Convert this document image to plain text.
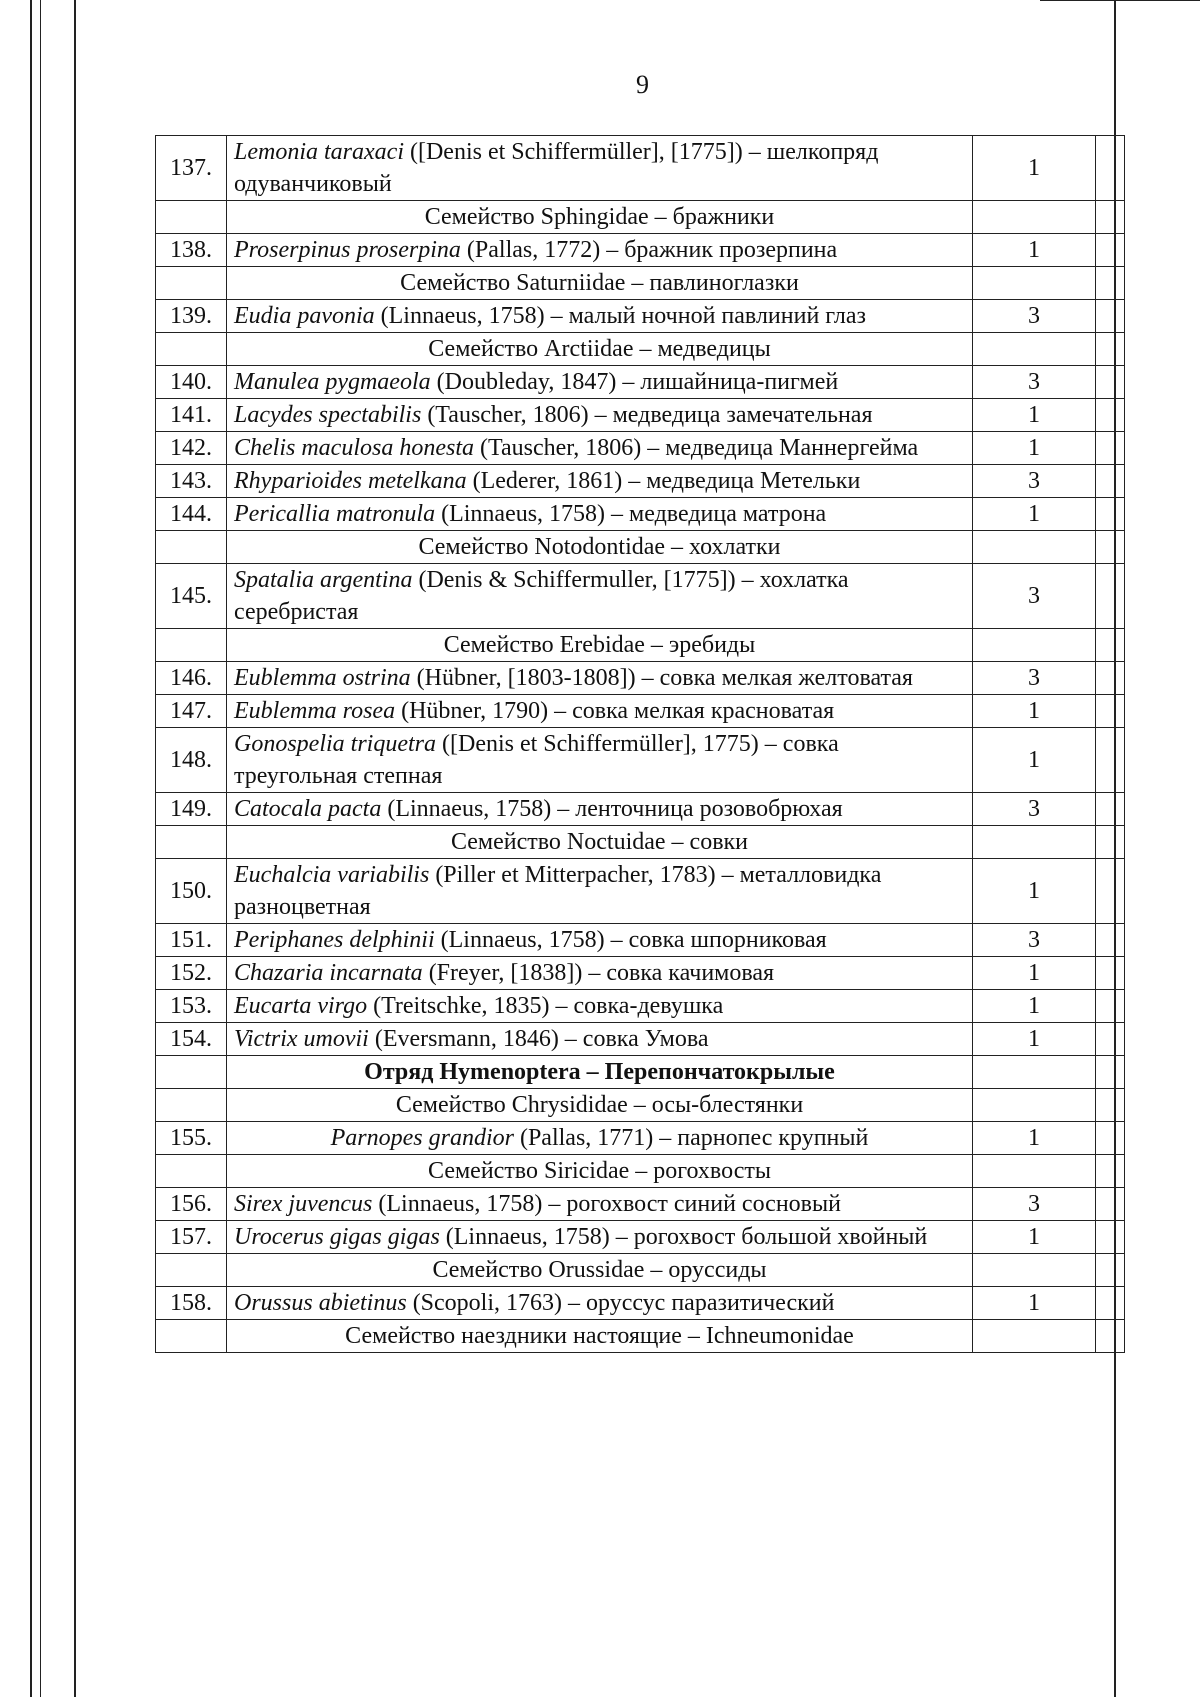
9
137.	Lemonia taraxaci ([Denis et Schiffermüller], [1775]) – шелкопряд одуванчиковый	1	
	Семейство Sphingidae – бражники		
138.	Proserpinus proserpina (Pallas, 1772) – бражник прозерпина	1	
	Семейство Saturniidae – павлиноглазки		
139.	Eudia pavonia (Linnaeus, 1758) – малый ночной павлиний глаз	3	
	Семейство Arctiidae – медведицы		
140.	Manulea pygmaeola (Doubleday, 1847) – лишайница-пигмей	3	
141.	Lacydes spectabilis (Tauscher, 1806) – медведица замечательная	1	
142.	Chelis maculosa honesta (Tauscher, 1806) – медведица Маннергейма	1	
143.	Rhyparioides metelkana (Lederer, 1861) – медведица Метельки	3	
144.	Pericallia matronula (Linnaeus, 1758) – медведица матрона	1	
	Семейство Notodontidae – хохлатки		
145.	Spatalia argentina (Denis & Schiffermuller, [1775]) – хохлатка серебристая	3	
	Семейство Erebidae – эребиды		
146.	Eublemma ostrina (Hübner, [1803-1808]) – совка мелкая желтоватая	3	
147.	Eublemma rosea (Hübner, 1790) – совка мелкая красноватая	1	
148.	Gonospelia triquetra ([Denis et Schiffermüller], 1775) – совка треугольная степная	1	
149.	Catocala pacta (Linnaeus, 1758) – ленточница розовобрюхая	3	
	Семейство Noctuidae – совки		
150.	Euchalcia variabilis (Piller et Mitterpacher, 1783) – металловидка разноцветная	1	
151.	Periphanes delphinii (Linnaeus, 1758) – совка шпорниковая	3	
152.	Chazaria incarnata (Freyer, [1838]) – совка качимовая	1	
153.	Eucarta virgo (Treitschke, 1835) – совка-девушка	1	
154.	Victrix umovii (Eversmann, 1846) – совка Умова	1	
	Отряд Hymenoptera – Перепончатокрылые		
	Семейство Chrysididae – осы-блестянки		
155.	Parnopes grandior (Pallas, 1771) – парнопес крупный	1	
	Семейство Siricidae – рогохвосты		
156.	Sirex juvencus (Linnaeus, 1758) – рогохвост синий сосновый	3	
157.	Urocerus gigas gigas (Linnaeus, 1758) – рогохвост большой хвойный	1	
	Семейство Orussidae – оруссиды		
158.	Orussus abietinus (Scopoli, 1763) – оруссус паразитический	1	
	Семейство наездники настоящие – Ichneumonidae		
